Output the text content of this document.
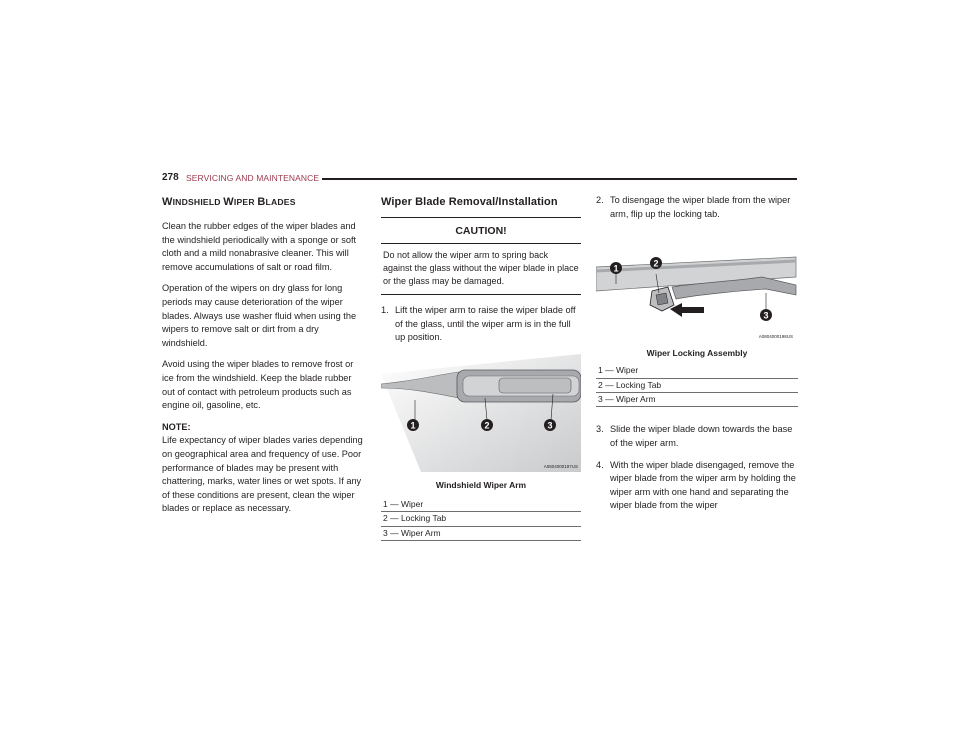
278 SERVICING AND MAINTENANCE
WINDSHIELD WIPER BLADES

Clean the rubber edges of the wiper blades and the windshield periodically with a sponge or soft cloth and a mild nonabrasive cleaner. This will remove accumulations of salt or road film.

Operation of the wipers on dry glass for long periods may cause deterioration of the wiper blades. Always use washer fluid when using the wipers to remove salt or dirt from a dry windshield.

Avoid using the wiper blades to remove frost or ice from the windshield. Keep the blade rubber out of contact with petroleum products such as engine oil, gasoline, etc.

NOTE:

Life expectancy of wiper blades varies depending on geographical area and frequency of use. Poor performance of blades may be present with chattering, marks, water lines or wet spots. If any of these conditions are present, clean the wiper blades or replace as necessary.

Wiper Blade Removal/Installation
CAUTION!
Do not allow the wiper arm to spring back against the glass without the wiper blade in place or the glass may be damaged.
1. Lift the wiper arm to raise the wiper blade off of the glass, until the wiper arm is in the full up position.
1	2	3
A0804000197US
Windshield Wiper Arm
1 — Wiper
2 — Locking Tab
3 — Wiper Arm
2. To disengage the wiper blade from the wiper arm, flip up the locking tab.
1	2
3
A0804000198US
Wiper Locking Assembly
1 — Wiper
2 — Locking Tab
3 — Wiper Arm
3. Slide the wiper blade down towards the base of the wiper arm.
4. With the wiper blade disengaged, remove the wiper blade from the wiper arm by holding the wiper arm with one hand and separating the wiper blade from the wiper
